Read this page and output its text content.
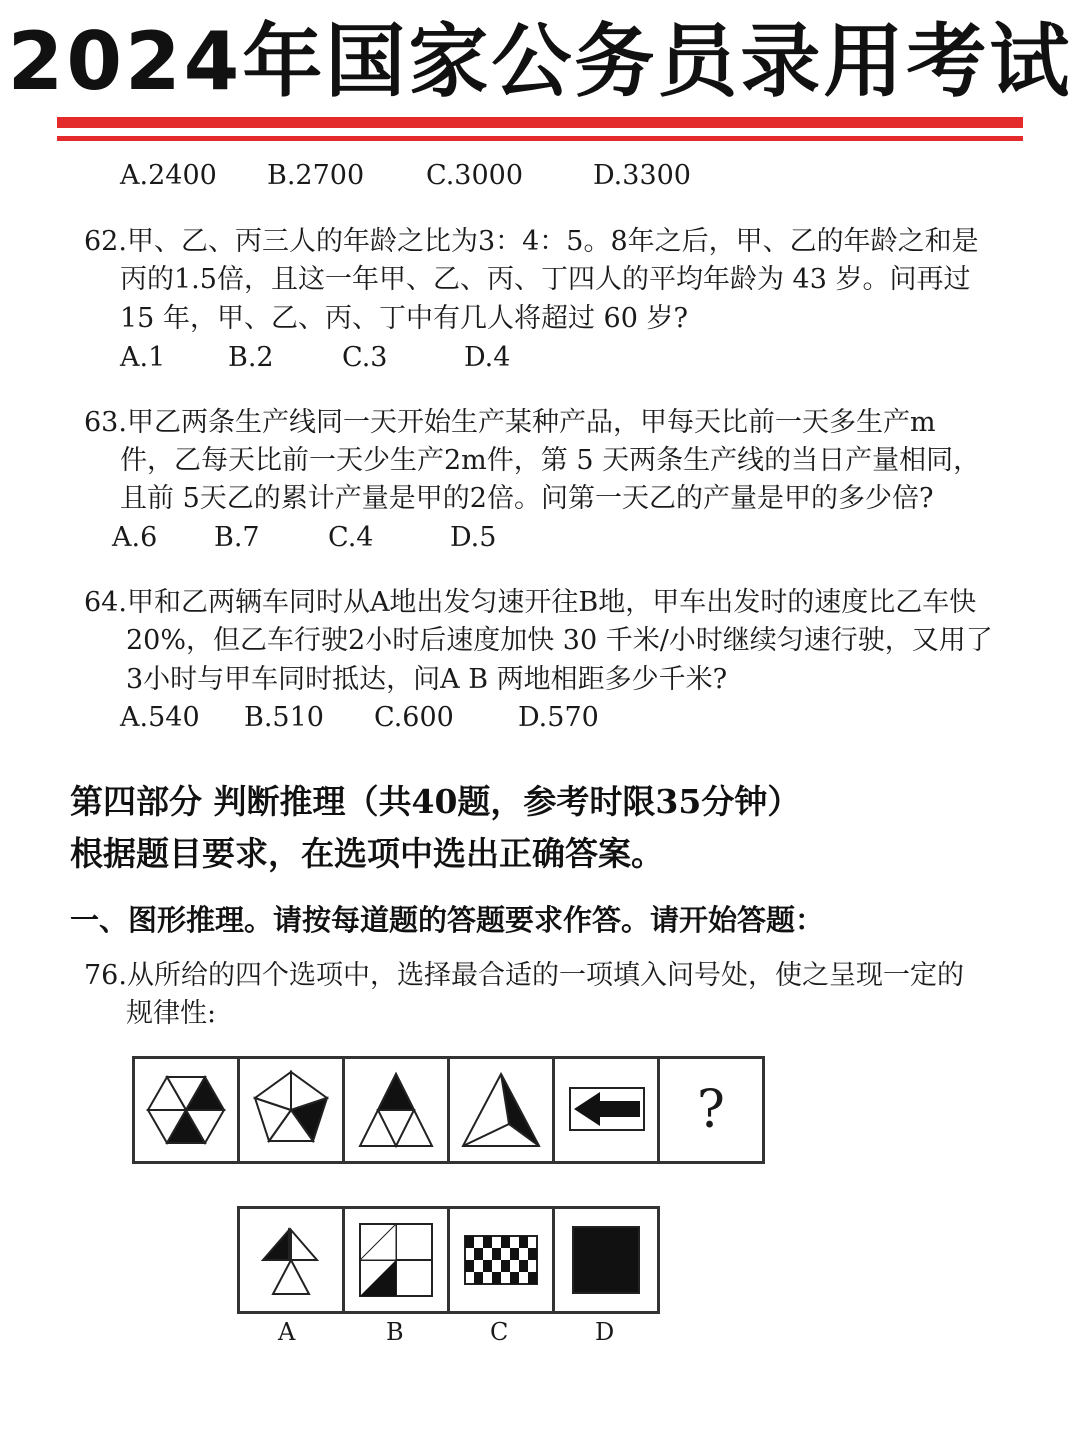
2024年国家公务员录用考试
A.2400 B.2700 C.3000	D.3300
62.甲、乙、丙三人的年龄之比为3：4：5。8年之后，甲、乙的年龄之和是
丙的1.5倍，且这一年甲、乙、丙、丁四人的平均年龄为 43 岁。问再过
15 年，甲、乙、丙、丁中有几人将超过 60 岁?
A.1 B.2	C.3	D.4
63.甲乙两条生产线同一天开始生产某种产品，甲每天比前一天多生产m
件，乙每天比前一天少生产2m件，第 5 天两条生产线的当日产量相同，
且前 5天乙的累计产量是甲的2倍。问第一天乙的产量是甲的多少倍?
A.6 B.7	C.4	D.5
64.甲和乙两辆车同时从A地出发匀速开往B地，甲车出发时的速度比乙车快
20%，但乙车行驶2小时后速度加快 30 千米/小时继续匀速行驶，又用了
3小时与甲车同时抵达，问A B 两地相距多少千米?
A.540 B.510 C.600 D.570
第四部分 判断推理（共40题，参考时限35分钟）
根据题目要求，在选项中选出正确答案。
一、图形推理。请按每道题的答题要求作答。请开始答题：
76.从所给的四个选项中，选择最合适的一项填入问号处，使之呈现一定的
规律性:
?
A	B	C	D
